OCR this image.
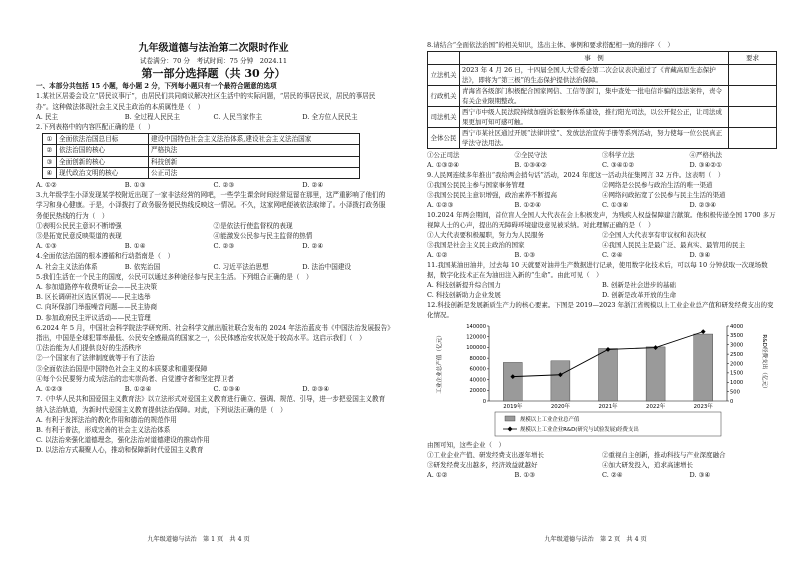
九年级道德与法治第二次限时作业
试卷满分：70 分　考试时间：75 分钟　2024.11
第一部分选择题（共 30 分）
一、本部分共包括 15 小题，每小题 2 分，下列每小题只有一个最符合题意的选项
1.某社区居委会设立“居民议事厅”，由居民们共同商议解决社区生活中的实际问题，“居民的事居民议，居民的事居民办”。这种做法体现社会主义民主政治的本质属性是（　）
A. 民主	B. 全过程人民民主	C. 人民当家作主	D. 全方位人民民主
2.下列表格中的内容匹配正确的是（　）
①	全面依法治国总目标	建设中国特色社会主义法治体系,建设社会主义法治国家
②	依法治国的核心	严格执法
③	全面创新的核心	科技创新
④	现代政治文明的核心	公正司法
A. ①②	B. ①③	C. ②③	D. ②④
3.九年级学生小泽发现某学校附近出现了一家非法经营的网吧，一些学生课余时间经常逗留在那里，这严重影响了他们的学习和身心健康。于是，小泽拨打了政务服务便民热线反映这一情况。不久，这家网吧便被依法取缔了。小泽拨打政务服务便民热线的行为（　）
①表明公民民主意识不断增强	②是依法行使监督权的表现
③是拓宽民意反映渠道的表现	④能激发公民参与民主监督的热情
A. ①③	B. ①④	C. ②③	D. ②④
4.全面依法治国的根本遵循和行动指南是（　）
A. 社会主义法治体系	B. 依宪治国	C. 习近平法治思想	D. 法治中国建设
5.我们生活在一个民主的国度，公民可以通过多种途径参与民主生活。下列组合正确的是（　）
A. 参加道路停车收费听证会——民主决策
B. 区长调研社区选区情况——民主选举
C. 向环保部门举报噪音问题——民主协商
D. 参加政府民主评议活动——民主管理
6.2024 年 5 月，中国社会科学院法学研究所、社会科学文献出版社联合发布的 2024 年法治蓝皮书《中国法治发展报告》指出，中国是全球犯罪率最低、公民安全感最高的国家之一，公民体感治安状况处于较高水平。这启示我们（　）
①法治能为人们提供良好的生活秩序
②一个国家有了法律制度就等于有了法治
③全面依法治国是中国特色社会主义的本质要求和重要保障
④每个公民要努力成为法治的忠实崇尚者、自觉遵守者和坚定捍卫者
A. ①②③	B. ①②④	C. ①③④	D. ②③④
7.《中华人民共和国爱国主义教育法》以立法形式对爱国主义教育进行确立、强调、规范、引导，进一步把爱国主义教育纳入法治轨道，为新时代爱国主义教育提供法治保障。对此，下列说法正确的是（　）
A. 有利于发挥法治的教化作用和德治的规范作用
B. 有利于普法，形成完善的社会主义法治体系
C. 以法治来强化道德理念，强化法治对道德建设的推动作用
D. 以法治方式凝聚人心，推动和保障新时代爱国主义教育
九年级道德与法治　第 1 页　共 4 页
8.请结合“全面依法治国”的相关知识，选出主体、事例和要求搭配相一致的排序（　）
	事　例	要求
立法机关	2023 年 4 月 26 日，十四届全国人大常委会第二次会议表决通过了《青藏高原生态保护法》，即将为“第三极”的生态保护提供法治保障。	
行政机关	青海省各级部门积极配合国家网信、工信等部门，集中查处一批电信诈骗的违法案件，责令有关企业限期整改。	
司法机关	西宁市中级人民法院持续加强诉讼服务体系建设，推行阳光司法，以公开促公正，让司法成果更加可知可感可触。	
全体公民	西宁市某社区通过开展“法律讲堂”、发放法治宣传手册等系列活动，努力使每一位公民真正学法守法用法。	
①公正司法	②全民守法	③科学立法	④严格执法
A. ①③②④	B. ①③④②	C. ③④①②	D. ③④②①
9.人民网连续多年推出“我给两会捎句话”活动，2024 年度这一活动共征集网言 32 万件。这表明（　）
①我国公民民主参与国家事务管理	②网络是公民参与政治生活的唯一渠道
③我国公民民主意识增强，政治素养不断提高	④网络问政拓宽了公民参与民主生活的渠道
A. ①②③	B. ①②④	C. ①③④	D. ②③④
10.2024 年两会期间，首位盲人全国人大代表在会上积极发声，为残疾人权益保障建言献策。他积极传递全国 1700 多万视障人士的心声，提出的无障碍环境建设意见被采纳。对此理解正确的是（　）
①人大代表要积极履职，努力为人民服务	②全国人大代表享有审议权和表决权
③我国是社会主义民主政治的国家	④我国人民民主是最广泛、最真实、最管用的民主
A. ①②	B. ①③	C. ②④	D. ③④
11.我国某油田油井，过去每 10 天就要对油井生产数据进行记录，使用数字化技术后，可以每 10 分钟获取一次现场数据，数字化技术正在为油田注入新的“生命”。由此可见（　）
A. 科技创新提升综合国力	B. 创新是社会进步的基础
C. 科技创新助力企业发展	D. 创新是改革开放的生命
12.科技创新是发展新质生产力的核心要素。下图是 2019—2023 年浙江省规模以上工业企业总产值和研发经费支出的变化情况。
工业企业总产值（亿元）	R&D经费支出（亿元）
规模以上工业企业总产值
规模以上工业企业R&D(研究与试验发展)经费支出
0
20000
40000
60000
80000
100000
120000
140000
0
500
1000
1500
2000
2500
3000
3500
4000
2019年	2020年	2021年	2022年	2023年
由图可知，这些企业（　）
①工业企业产值、研发经费支出逐年增长	②重视自主创新，推动科技与产业深度融合
③研发经费支出越多，经济效益就越好	④加大研发投入，追求高速增长
A. ①②	B. ①③	C. ②④	D. ③④
九年级道德与法治　第 2 页　共 4 页
